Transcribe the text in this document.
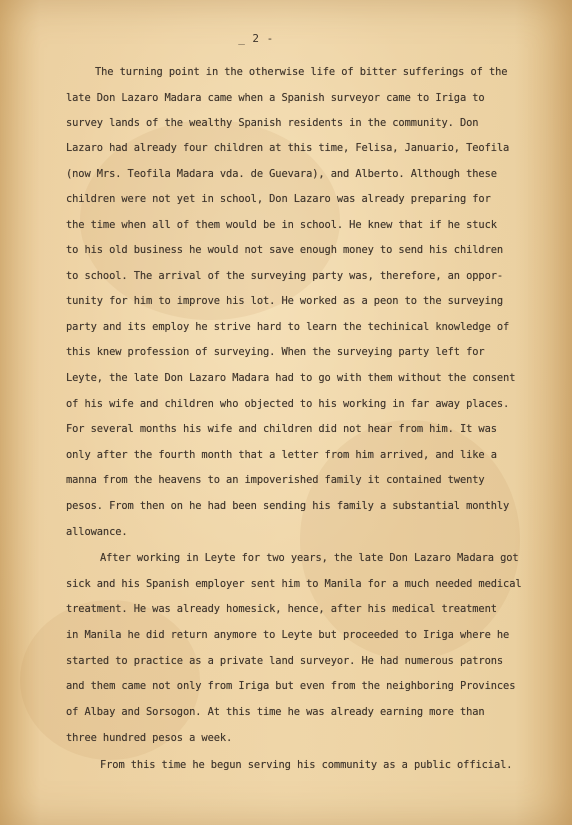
_ 2 -
The turning point in the otherwise life of bitter sufferings of the
late Don Lazaro Madara came when a Spanish surveyor came to Iriga to
survey lands of the wealthy Spanish residents in the community. Don
Lazaro had already four children at this time, Felisa, Januario, Teofila
(now Mrs. Teofila Madara vda. de Guevara), and Alberto. Although these
children were not yet in school, Don Lazaro was already preparing for
the time when all of them would be in school. He knew that if he stuck
to his old business he would not save enough money to send his children
to school. The arrival of the surveying party was, therefore, an oppor-
tunity for him to improve his lot. He worked as a peon to the surveying
party and its employ he strive hard to learn the techinical knowledge of
this knew profession of surveying. When the surveying party left for
Leyte, the late Don Lazaro Madara had to go with them without the consent
of his wife and children who objected to his working in far away places.
For several months his wife and children did not hear from him. It was
only after the fourth month that a letter from him arrived, and like a
manna from the heavens to an impoverished family it contained twenty
pesos. From then on he had been sending his family a substantial monthly
allowance.
After working in Leyte for two years, the late Don Lazaro Madara got
sick and his Spanish employer sent him to Manila for a much needed medical
treatment. He was already homesick, hence, after his medical treatment
in Manila he did return anymore to Leyte but proceeded to Iriga where he
started to practice as a private land surveyor. He had numerous patrons
and them came not only from Iriga but even from the neighboring Provinces
of Albay and Sorsogon. At this time he was already earning more than
three hundred pesos a week.
From this time he begun serving his community as a public official.
